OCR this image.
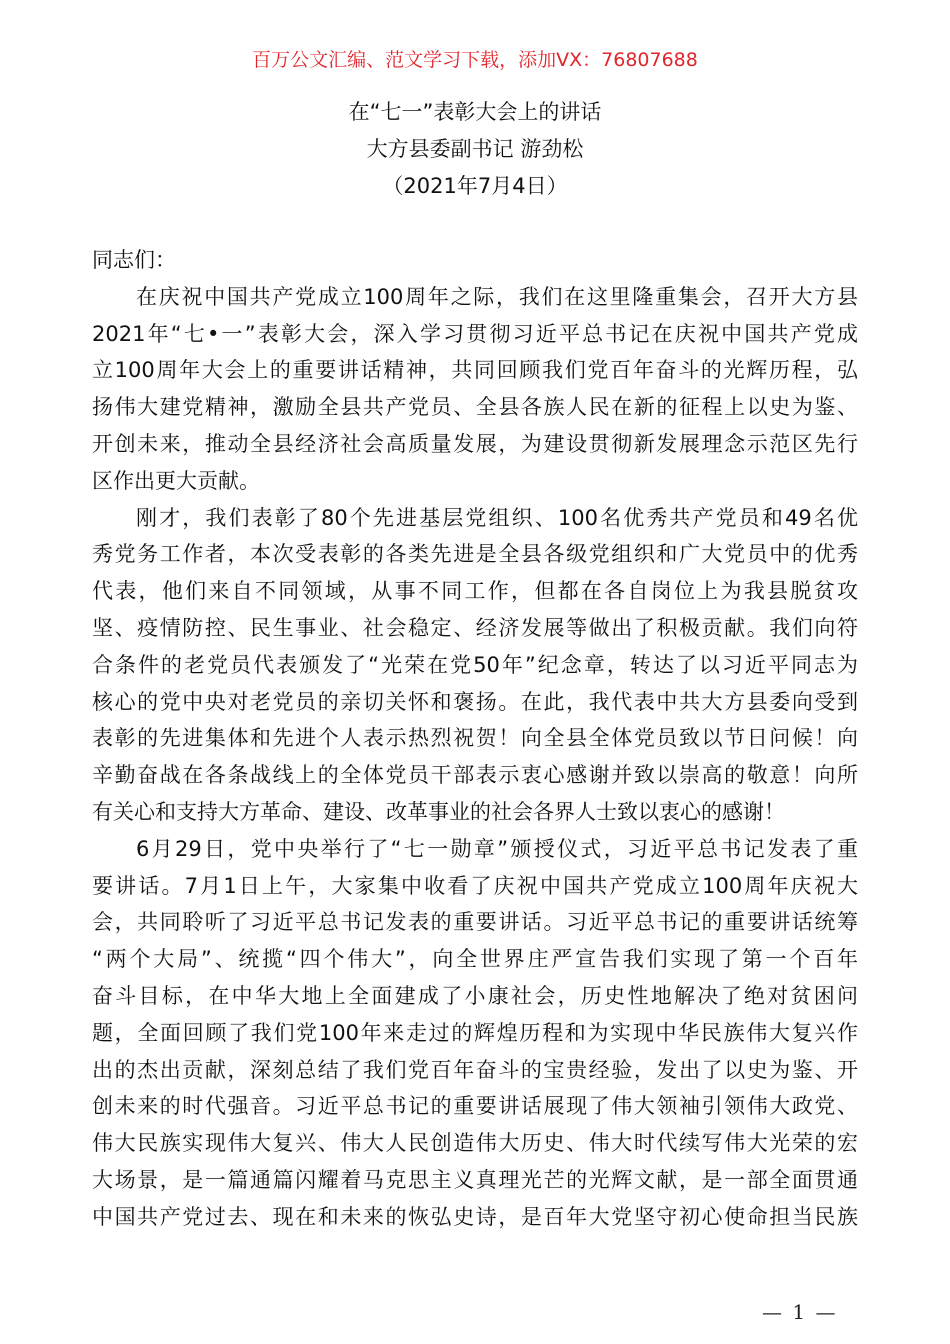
百万公文汇编、范文学习下载，添加VX：76807688
在“七一”表彰大会上的讲话
大方县委副书记 游劲松
（2021年7月4日）
同志们：
在庆祝中国共产党成立100周年之际，我们在这里隆重集会，召开大方县
2021年“七•一”表彰大会，深入学习贯彻习近平总书记在庆祝中国共产党成
立100周年大会上的重要讲话精神，共同回顾我们党百年奋斗的光辉历程，弘
扬伟大建党精神，激励全县共产党员、全县各族人民在新的征程上以史为鉴、
开创未来，推动全县经济社会高质量发展，为建设贯彻新发展理念示范区先行
区作出更大贡献。
刚才，我们表彰了80个先进基层党组织、100名优秀共产党员和49名优
秀党务工作者，本次受表彰的各类先进是全县各级党组织和广大党员中的优秀
代表，他们来自不同领域，从事不同工作，但都在各自岗位上为我县脱贫攻
坚、疫情防控、民生事业、社会稳定、经济发展等做出了积极贡献。我们向符
合条件的老党员代表颁发了“光荣在党50年”纪念章，转达了以习近平同志为
核心的党中央对老党员的亲切关怀和褒扬。在此，我代表中共大方县委向受到
表彰的先进集体和先进个人表示热烈祝贺！向全县全体党员致以节日问候！向
辛勤奋战在各条战线上的全体党员干部表示衷心感谢并致以崇高的敬意！向所
有关心和支持大方革命、建设、改革事业的社会各界人士致以衷心的感谢！
6月29日，党中央举行了“七一勋章”颁授仪式，习近平总书记发表了重
要讲话。7月1日上午，大家集中收看了庆祝中国共产党成立100周年庆祝大
会，共同聆听了习近平总书记发表的重要讲话。习近平总书记的重要讲话统筹
“两个大局”、统揽“四个伟大”，向全世界庄严宣告我们实现了第一个百年
奋斗目标，在中华大地上全面建成了小康社会，历史性地解决了绝对贫困问
题，全面回顾了我们党100年来走过的辉煌历程和为实现中华民族伟大复兴作
出的杰出贡献，深刻总结了我们党百年奋斗的宝贵经验，发出了以史为鉴、开
创未来的时代强音。习近平总书记的重要讲话展现了伟大领袖引领伟大政党、
伟大民族实现伟大复兴、伟大人民创造伟大历史、伟大时代续写伟大光荣的宏
大场景，是一篇通篇闪耀着马克思主义真理光芒的光辉文献，是一部全面贯通
中国共产党过去、现在和未来的恢弘史诗，是百年大党坚守初心使命担当民族
— 1 —
